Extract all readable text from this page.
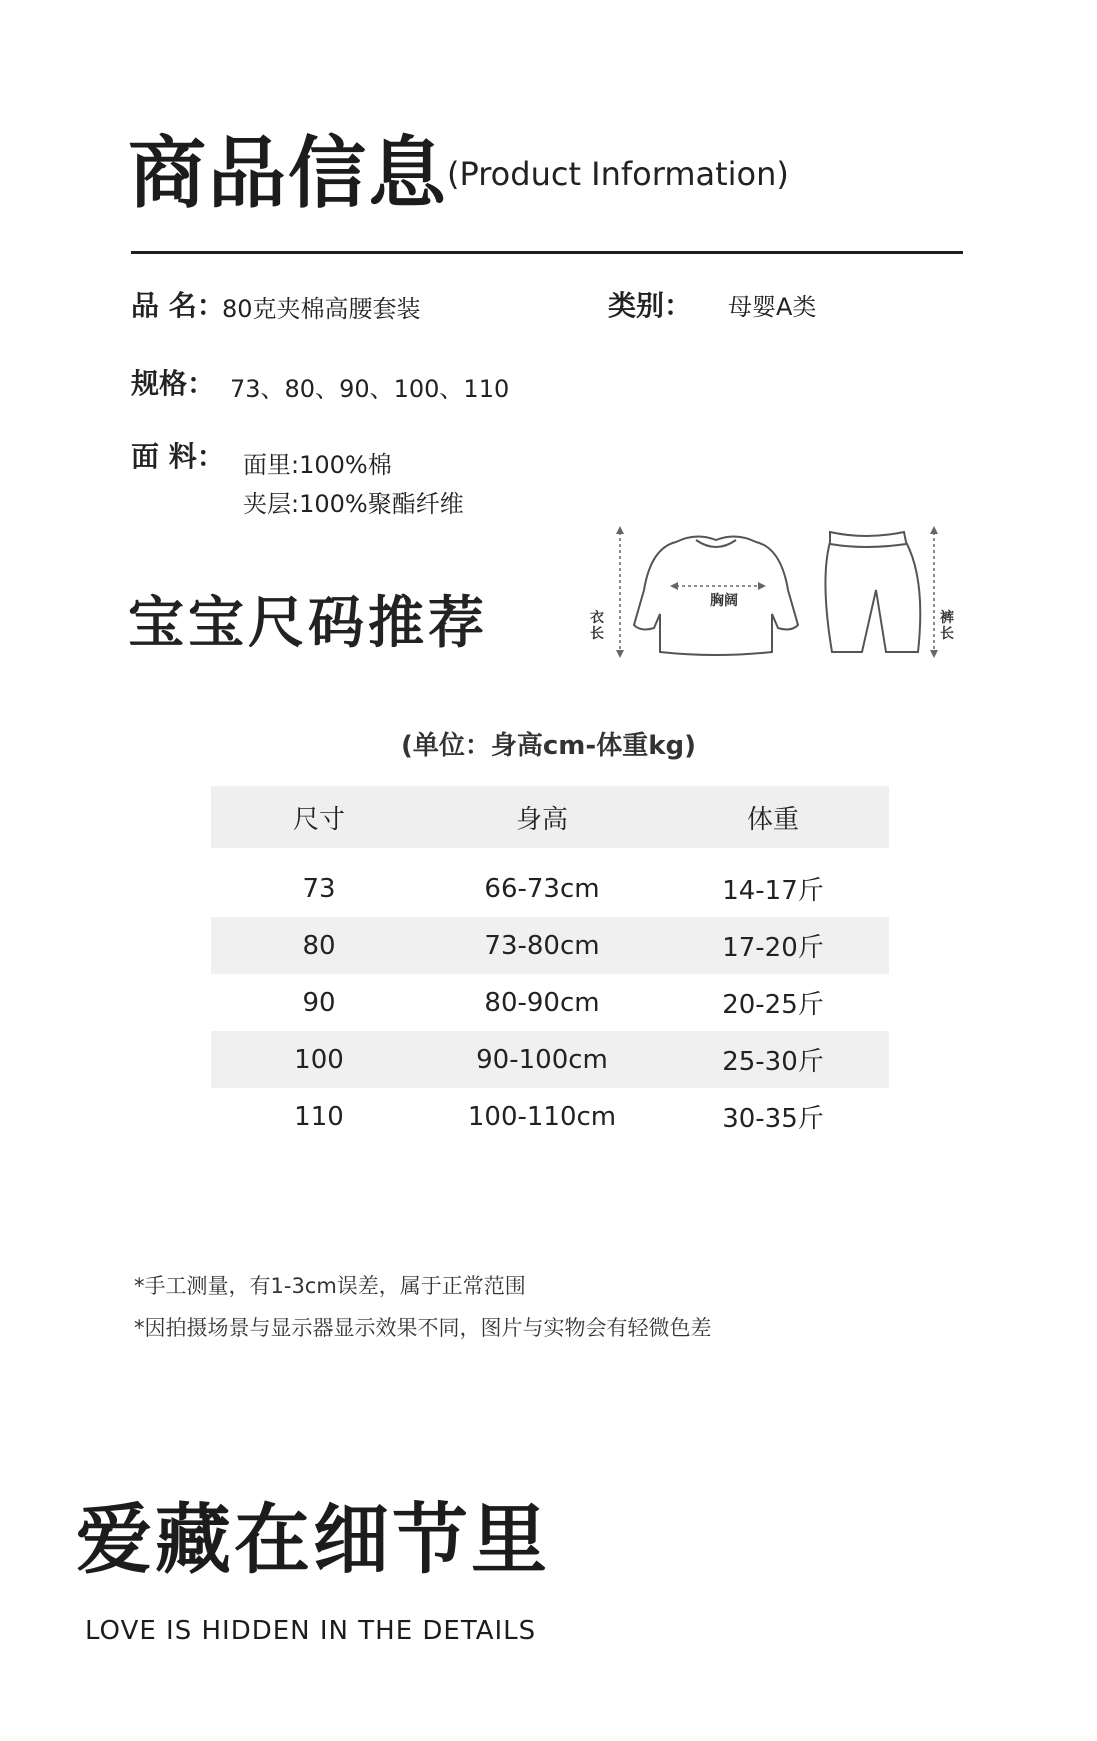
商品信息
(Product Information)
品 名：
80克夹棉高腰套装	类别： 母婴A类
规格： 73、80、90、100、110
面 料： 面里:100%棉
夹层:100%聚酯纤维
宝宝尺码推荐	胸阔
衣长
裤长
(单位：身高cm-体重kg)
尺寸	身高	体重
73	66-73cm	14-17斤
80	73-80cm	17-20斤
90	80-90cm	20-25斤
100	90-100cm	25-30斤
110	100-110cm	30-35斤
*手工测量，有1-3cm误差，属于正常范围
*因拍摄场景与显示器显示效果不同，图片与实物会有轻微色差
爱藏在细节里
LOVE IS HIDDEN IN THE DETAILS
